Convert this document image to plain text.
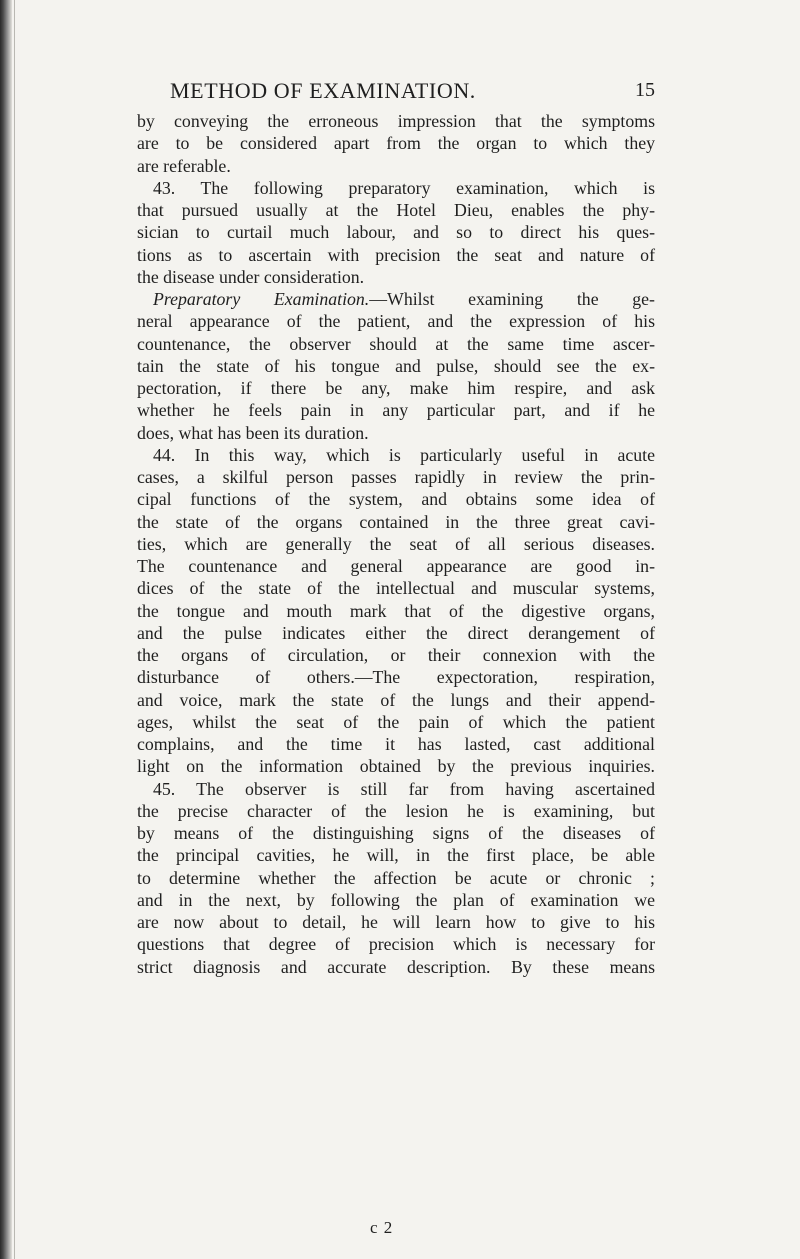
METHOD OF EXAMINATION.	15
by conveying the erroneous impression that the symptoms
are to be considered apart from the organ to which they
are referable.
43. The following preparatory examination, which is
that pursued usually at the Hotel Dieu, enables the phy-
sician to curtail much labour, and so to direct his ques-
tions as to ascertain with precision the seat and nature of
the disease under consideration.
Preparatory Examination.—Whilst examining the ge-
neral appearance of the patient, and the expression of his
countenance, the observer should at the same time ascer-
tain the state of his tongue and pulse, should see the ex-
pectoration, if there be any, make him respire, and ask
whether he feels pain in any particular part, and if he
does, what has been its duration.
44. In this way, which is particularly useful in acute
cases, a skilful person passes rapidly in review the prin-
cipal functions of the system, and obtains some idea of
the state of the organs contained in the three great cavi-
ties, which are generally the seat of all serious diseases.
The countenance and general appearance are good in-
dices of the state of the intellectual and muscular systems,
the tongue and mouth mark that of the digestive organs,
and the pulse indicates either the direct derangement of
the organs of circulation, or their connexion with the
disturbance of others.—The expectoration, respiration,
and voice, mark the state of the lungs and their append-
ages, whilst the seat of the pain of which the patient
complains, and the time it has lasted, cast additional
light on the information obtained by the previous inquiries.
45. The observer is still far from having ascertained
the precise character of the lesion he is examining, but
by means of the distinguishing signs of the diseases of
the principal cavities, he will, in the first place, be able
to determine whether the affection be acute or chronic ;
and in the next, by following the plan of examination we
are now about to detail, he will learn how to give to his
questions that degree of precision which is necessary for
strict diagnosis and accurate description. By these means
c 2
